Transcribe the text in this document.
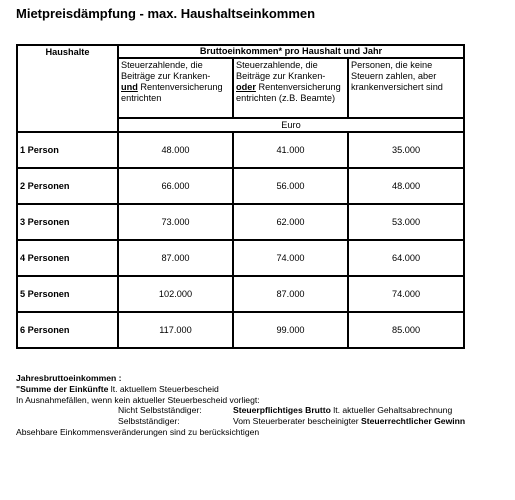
Mietpreisdämpfung - max. Haushaltseinkommen
Haushalte	Bruttoeinkommen* pro Haushalt und Jahr		

	Steuerzahlende, die
Beiträge zur Kranken-
und Rentenversicherung
entrichten	Steuerzahlende, die
Beiträge zur Kranken-
oder Rentenversicherung
entrichten (z.B. Beamte)	Personen, die keine
Steuern zahlen, aber
krankenversichert sind

	Euro		
1 Person	48.000	41.000	35.000
2 Personen	66.000	56.000	48.000
3 Personen	73.000	62.000	53.000
4 Personen	87.000	74.000	64.000
5 Personen	102.000	87.000	74.000
6 Personen	117.000	99.000	85.000
Jahresbruttoeinkommen :
"Summe der Einkünfte lt. aktuellem Steuerbescheid
In Ausnahmefällen, wenn kein aktueller Steuerbescheid vorliegt:
Nicht Selbstständiger:	Steuerpflichtiges Brutto lt. aktueller Gehaltsabrechnung
Selbstständiger:	Vom Steuerberater bescheinigter Steuerrechtlicher Gewinn
Absehbare Einkommensveränderungen sind zu berücksichtigen
